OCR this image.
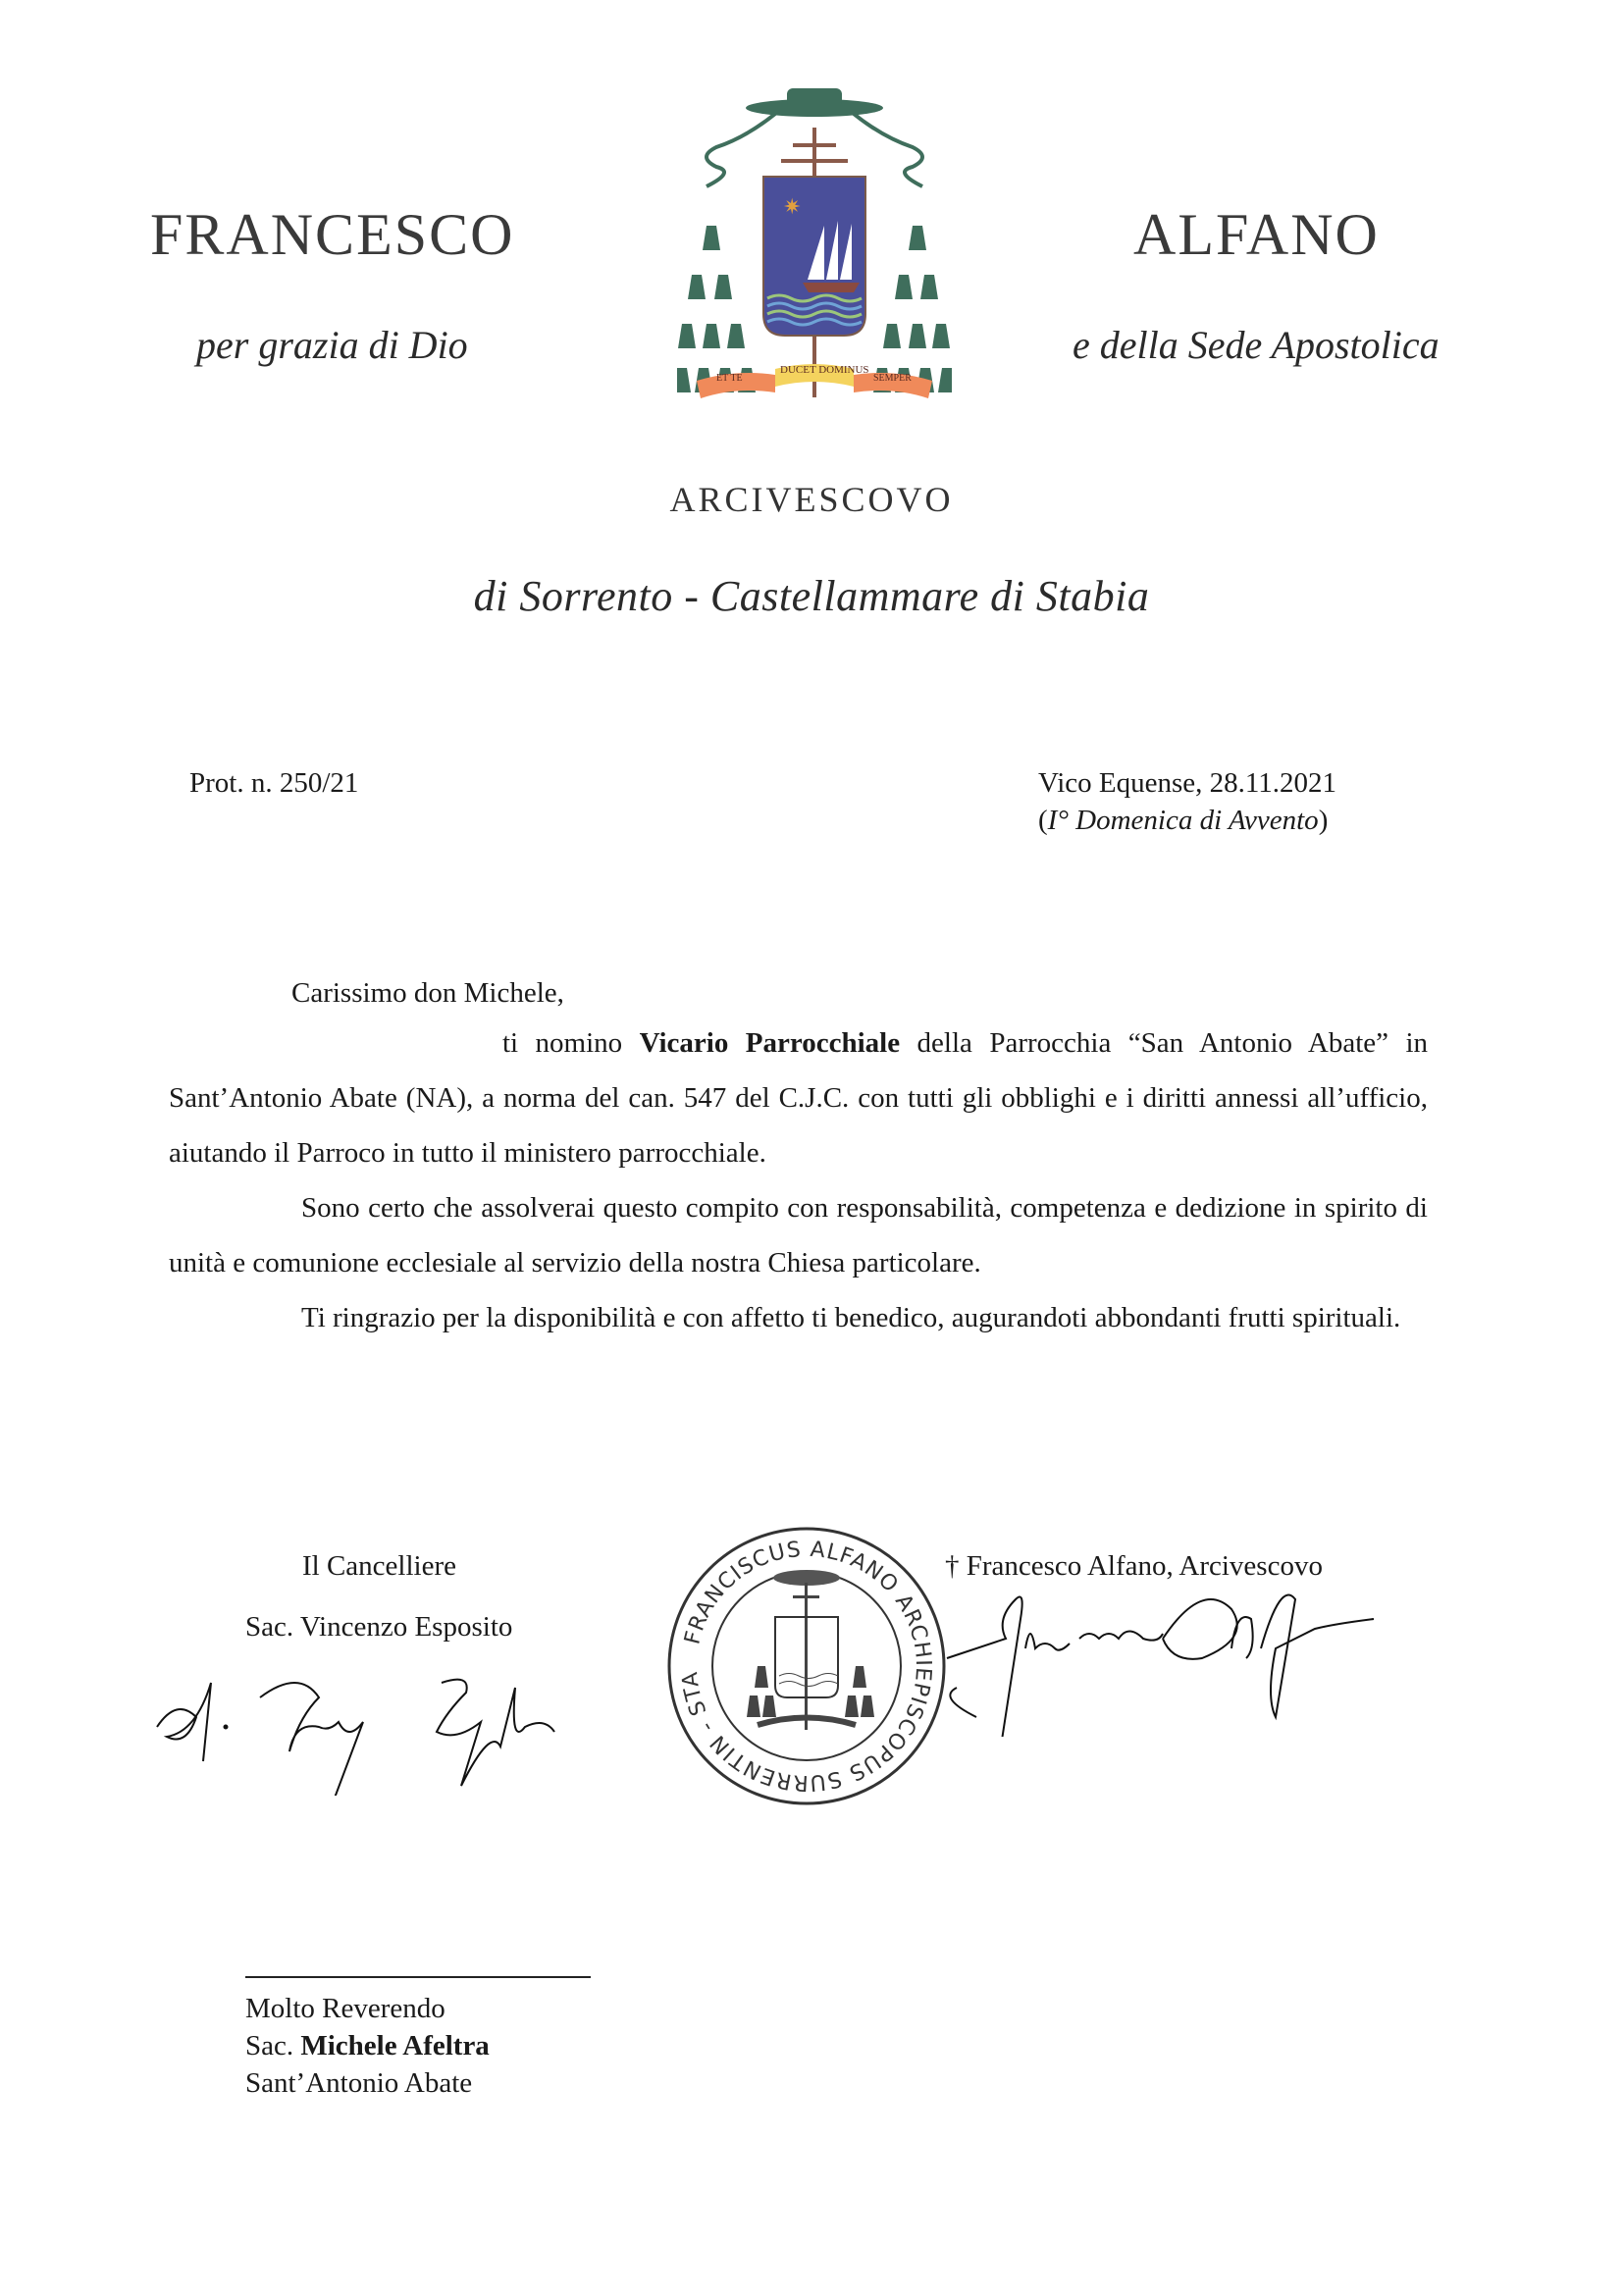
FRANCESCO	ALFANO
per grazia di Dio	e della Sede Apostolica
✷
ET TE
DUCET DOMINUS
SEMPER
ARCIVESCOVO
di Sorrento - Castellammare di Stabia
Prot. n. 250/21	Vico Equense, 28.11.2021
(I° Domenica di Avvento)
Carissimo don Michele,

ti nomino Vicario Parrocchiale della Parrocchia “San Antonio Abate” in Sant’Antonio Abate (NA), a norma del can. 547 del C.J.C. con tutti gli obblighi e i diritti annessi all’ufficio, aiutando il Parroco in tutto il ministero parrocchiale.

Sono certo che assolverai questo compito con responsabilità, competenza e dedizione in spirito di unità e comunione ecclesiale al servizio della nostra Chiesa particolare.

Ti ringrazio per la disponibilità e con affetto ti benedico, augurandoti abbondanti frutti spirituali.

Il Cancelliere
Sac. Vincenzo Esposito	FRANCISCUS ALFANO ARCHIEPISCOPUS SURRENTIN - STA
† Francesco Alfano, Arcivescovo
Molto Reverendo
Sac. Michele Afeltra
Sant’Antonio Abate
